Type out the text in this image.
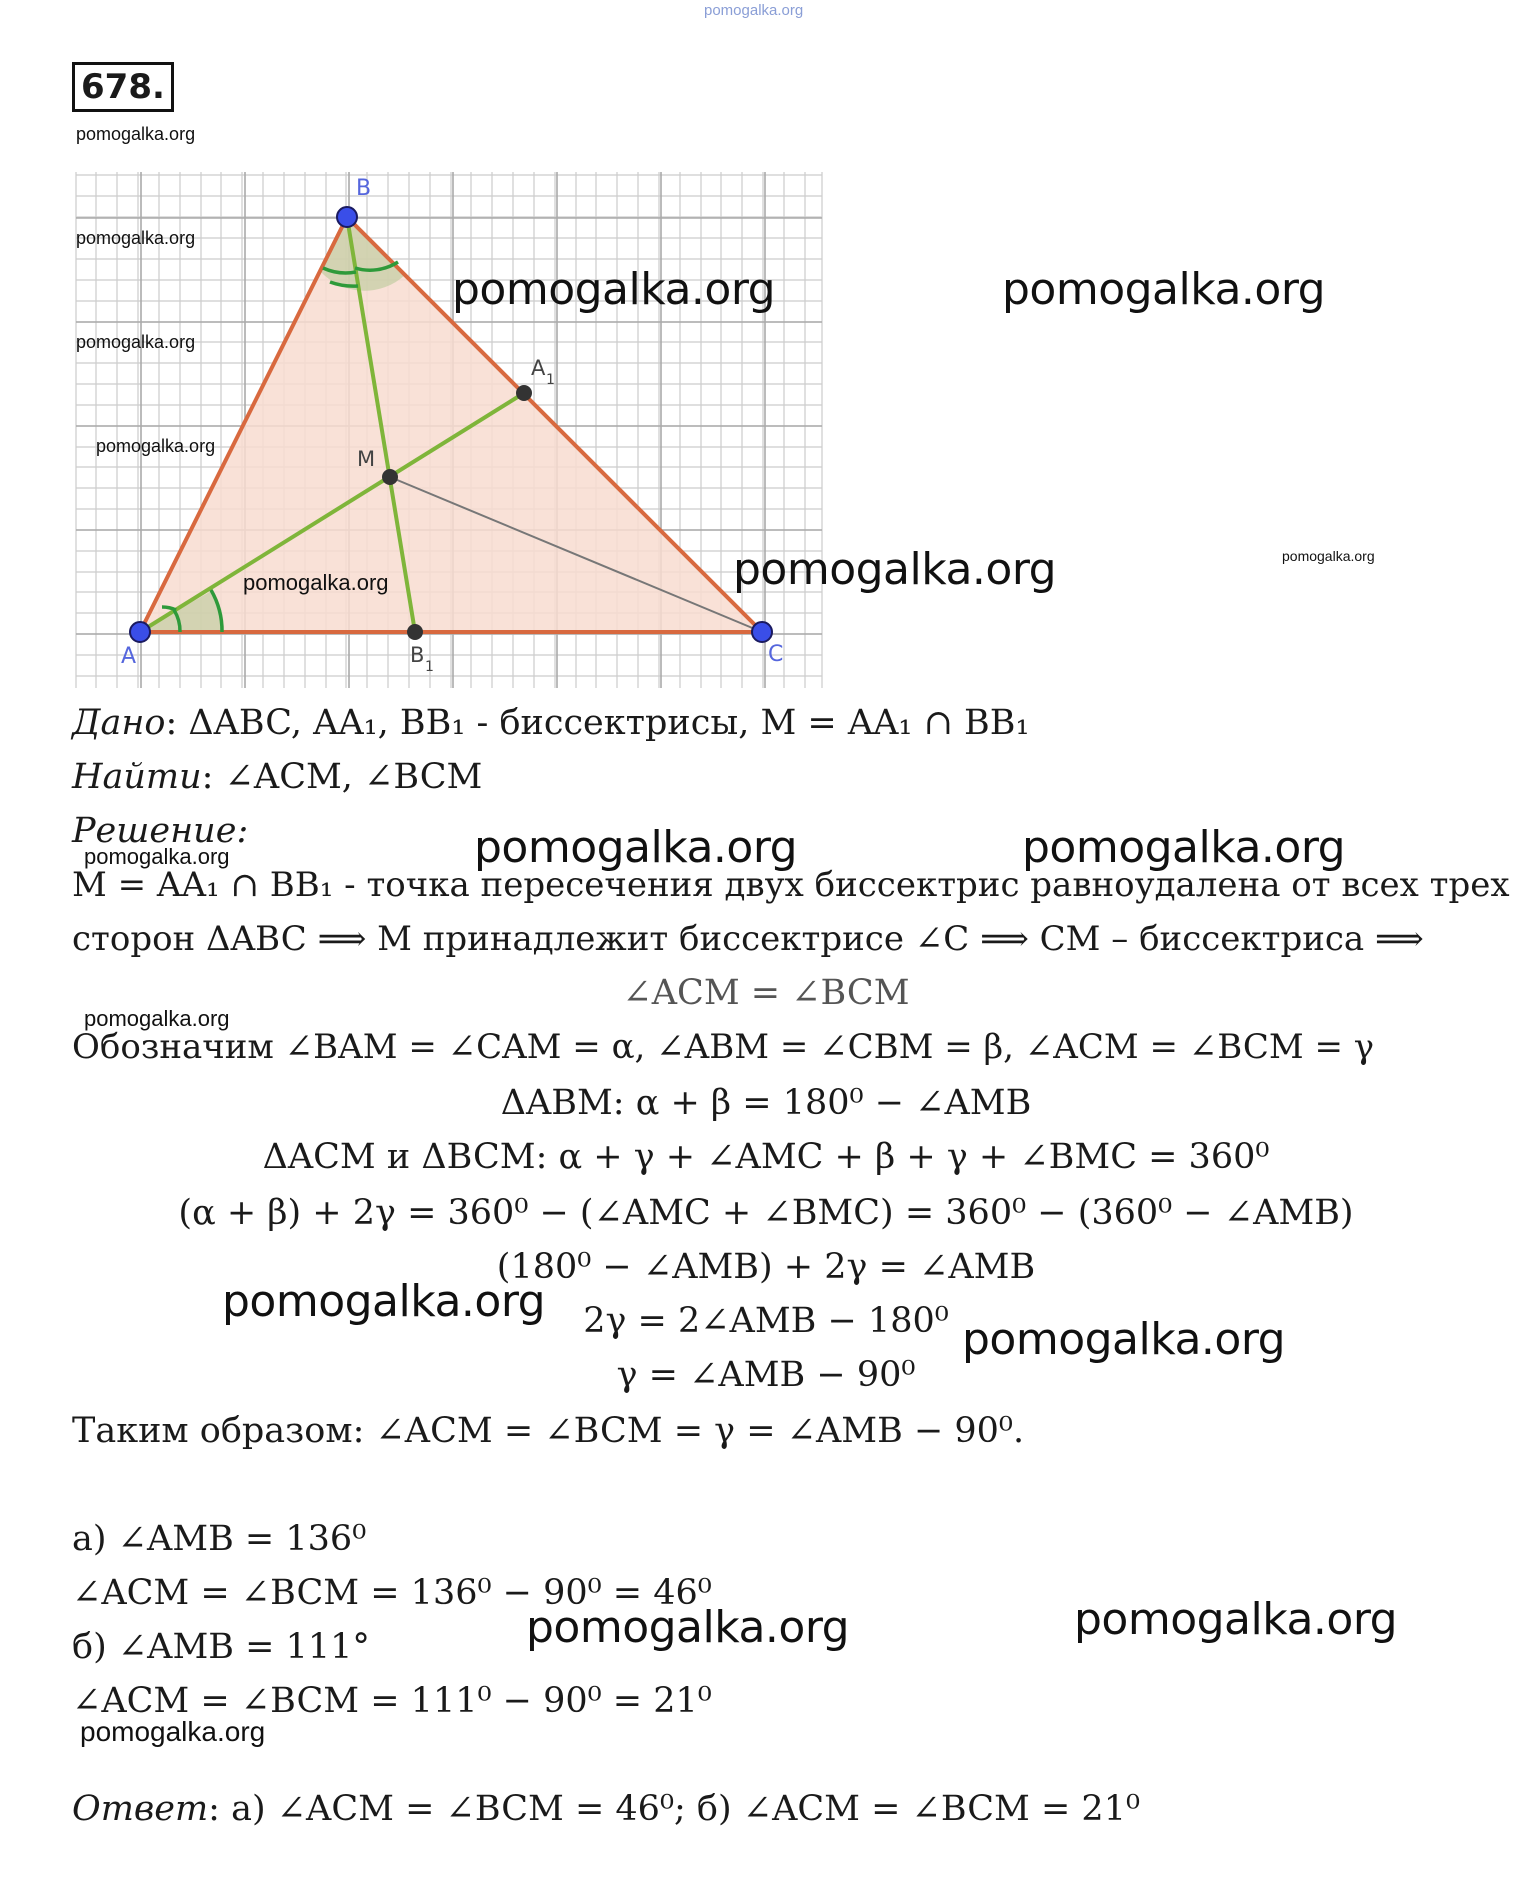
pomogalka.org
678.
pomogalka.org
B
A	C
M
A 1
B 1
pomogalka.org
pomogalka.org
pomogalka.org
pomogalka.org
pomogalka.org	pomogalka.org
pomogalka.org	pomogalka.org
Дано: ΔABC, AA₁, BB₁ - биссектрисы, M = AA₁ ∩ BB₁
Найти: ∠ACM, ∠BCM
Решение:
pomogalka.org	pomogalka.org	pomogalka.org
M = AA₁ ∩ BB₁ - точка пересечения двух биссектрис равноудалена от всех трех
сторон ΔABC ⟹ M принадлежит биссектрисе ∠C ⟹ CM – биссектриса ⟹
∠ACM = ∠BCM
pomogalka.org
Обозначим ∠BAM = ∠CAM = α, ∠ABM = ∠CBM = β, ∠ACM = ∠BCM = γ
ΔABM: α + β = 180⁰ − ∠AMB
ΔACM и ΔBCM: α + γ + ∠AMC + β + γ + ∠BMC = 360⁰
(α + β) + 2γ = 360⁰ − (∠AMC + ∠BMC) = 360⁰ − (360⁰ − ∠AMB)
(180⁰ − ∠AMB) + 2γ = ∠AMB
2γ = 2∠AMB − 180⁰
γ = ∠AMB − 90⁰
pomogalka.org
pomogalka.org
Таким образом: ∠ACM = ∠BCM = γ = ∠AMB − 90⁰.
а) ∠AMB = 136⁰
∠ACM = ∠BCM = 136⁰ − 90⁰ = 46⁰
б) ∠AMB = 111°
∠ACM = ∠BCM = 111⁰ − 90⁰ = 21⁰
pomogalka.org	pomogalka.org
pomogalka.org
Ответ: а) ∠ACM = ∠BCM = 46⁰; б) ∠ACM = ∠BCM = 21⁰
pomogalka.org
